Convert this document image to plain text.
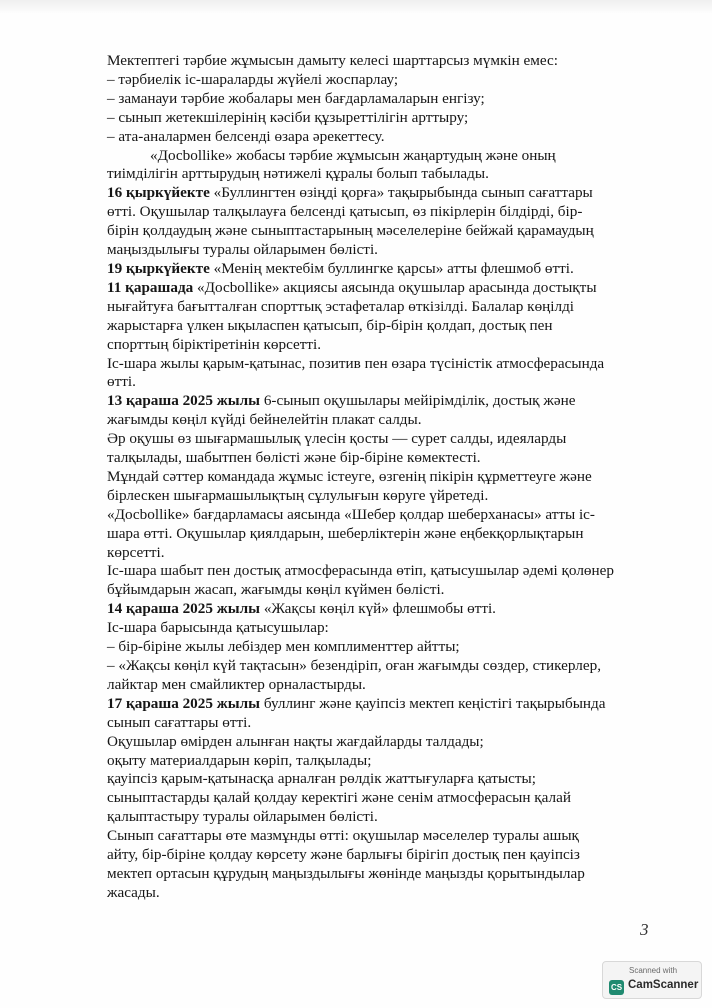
Мектептегі тәрбие жұмысын дамыту келесі шарттарсыз мүмкін емес:

– тәрбиелік іс-шараларды жүйелі жоспарлау;

– заманауи тәрбие жобалары мен бағдарламаларын енгізу;

– сынып жетекшілерінің кәсіби құзыреттілігін арттыру;

– ата-аналармен белсенді өзара әрекеттесу.

«Досbollike» жобасы тәрбие жұмысын жаңартудың және оның

тиімділігін арттырудың нәтижелі құралы болып табылады.

16 қыркүйекте «Буллингтен өзіңді қорға» тақырыбында сынып сағаттары

өтті. Оқушылар талқылауға белсенді қатысып, өз пікірлерін білдірді, бір-

бірін қолдаудың және сыныптастарының мәселелеріне бейжай қарамаудың

маңыздылығы туралы ойларымен бөлісті.

19 қыркүйекте «Менің мектебім буллингке қарсы» атты флешмоб өтті.

11 қарашада «Досbollike» акциясы аясында оқушылар арасында достықты

нығайтуға бағытталған спорттық эстафеталар өткізілді. Балалар көңілді

жарыстарға үлкен ықыласпен қатысып, бір-бірін қолдап, достық пен

спорттың біріктіретінін көрсетті.

Іс-шара жылы қарым-қатынас, позитив пен өзара түсіністік атмосферасында

өтті.

13 қараша 2025 жылы 6-сынып оқушылары мейірімділік, достық және

жағымды көңіл күйді бейнелейтін плакат салды.

Әр оқушы өз шығармашылық үлесін қосты — сурет салды, идеяларды

талқылады, шабытпен бөлісті және бір-біріне көмектесті.

Мұндай сәттер командада жұмыс істеуге, өзгенің пікірін құрметтеуге және

бірлескен шығармашылықтың сұлулығын көруге үйретеді.

«Досbollike» бағдарламасы аясында «Шебер қолдар шеберханасы» атты іс-

шара өтті. Оқушылар қиялдарын, шеберліктерін және еңбекқорлықтарын

көрсетті.

Іс-шара шабыт пен достық атмосферасында өтіп, қатысушылар әдемі қолөнер

бұйымдарын жасап, жағымды көңіл күймен бөлісті.

14 қараша 2025 жылы «Жақсы көңіл күй» флешмобы өтті.

Іс-шара барысында қатысушылар:

– бір-біріне жылы лебіздер мен комплименттер айтты;

– «Жақсы көңіл күй тақтасын» безендіріп, оған жағымды сөздер, стикерлер,

лайктар мен смайликтер орналастырды.

17 қараша 2025 жылы буллинг және қауіпсіз мектеп кеңістігі тақырыбында

сынып сағаттары өтті.

Оқушылар өмірден алынған нақты жағдайларды талдады;

оқыту материалдарын көріп, талқылады;

қауіпсіз қарым-қатынасқа арналған рөлдік жаттығуларға қатысты;

сыныптастарды қалай қолдау керектігі және сенім атмосферасын қалай

қалыптастыру туралы ойларымен бөлісті.

Сынып сағаттары өте мазмұнды өтті: оқушылар мәселелер туралы ашық

айту, бір-біріне қолдау көрсету және барлығы бірігіп достық пен қауіпсіз

мектеп ортасын құрудың маңыздылығы жөнінде маңызды қорытындылар

жасады.

3
Scanned with
CS CamScanner
